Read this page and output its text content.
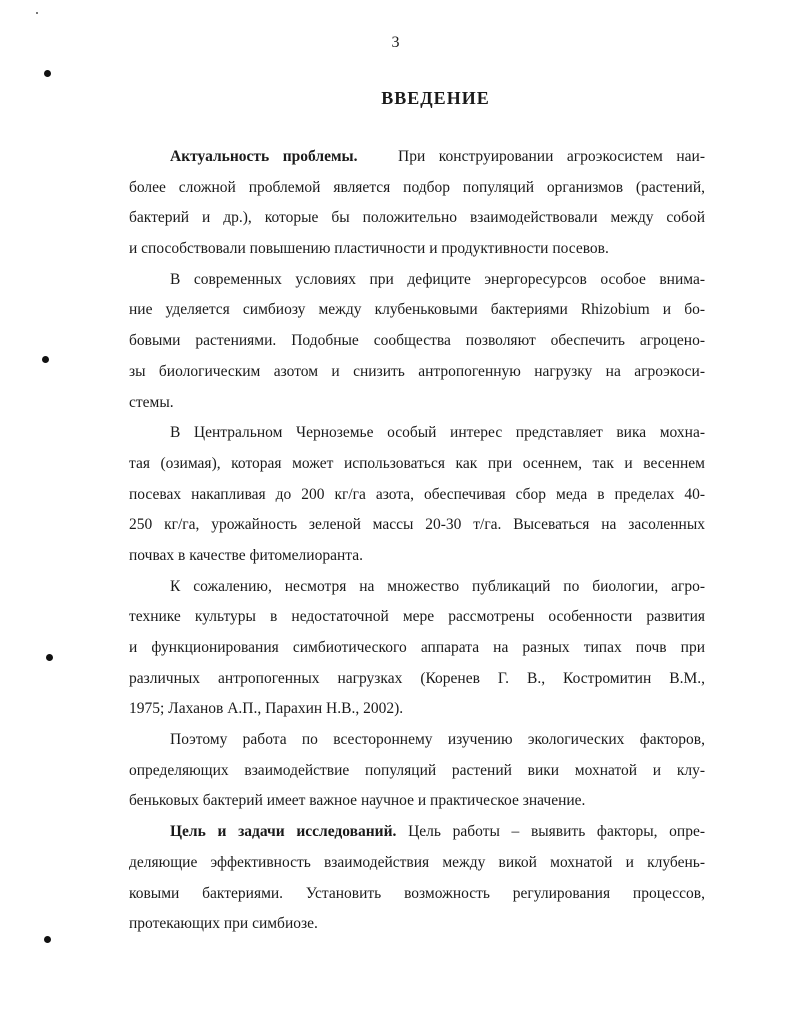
3
ВВЕДЕНИЕ
Актуальность проблемы.	При конструировании агроэкосистем наи-
более сложной проблемой является подбор популяций организмов (растений,
бактерий и др.), которые бы положительно взаимодействовали между собой
и способствовали повышению пластичности и продуктивности посевов.
В современных условиях при дефиците энергоресурсов особое внима-
ние уделяется симбиозу между клубеньковыми бактериями Rhizobium и бо-
бовыми растениями. Подобные сообщества позволяют обеспечить агроцено-
зы биологическим азотом и снизить антропогенную нагрузку на агроэкоси-
стемы.
В Центральном Черноземье особый интерес представляет вика мохна-
тая (озимая), которая может использоваться как при осеннем, так и весеннем
посевах накапливая до 200 кг/га азота, обеспечивая сбор меда в пределах 40-
250 кг/га, урожайность зеленой массы 20-30 т/га. Высеваться на засоленных
почвах в качестве фитомелиоранта.
К сожалению, несмотря на множество публикаций по биологии, агро-
технике культуры в недостаточной мере рассмотрены особенности развития
и функционирования симбиотического аппарата на разных типах почв при
различных антропогенных нагрузках (Коренев Г. В., Костромитин В.М.,
1975; Лаханов А.П., Парахин Н.В., 2002).
Поэтому работа по всестороннему изучению экологических факторов,
определяющих взаимодействие популяций растений вики мохнатой и клу-
беньковых бактерий имеет важное научное и практическое значение.
Цель и задачи исследований. Цель работы – выявить факторы, опре-
деляющие эффективность взаимодействия между викой мохнатой и клубень-
ковыми бактериями. Установить возможность регулирования процессов,
протекающих при симбиозе.
